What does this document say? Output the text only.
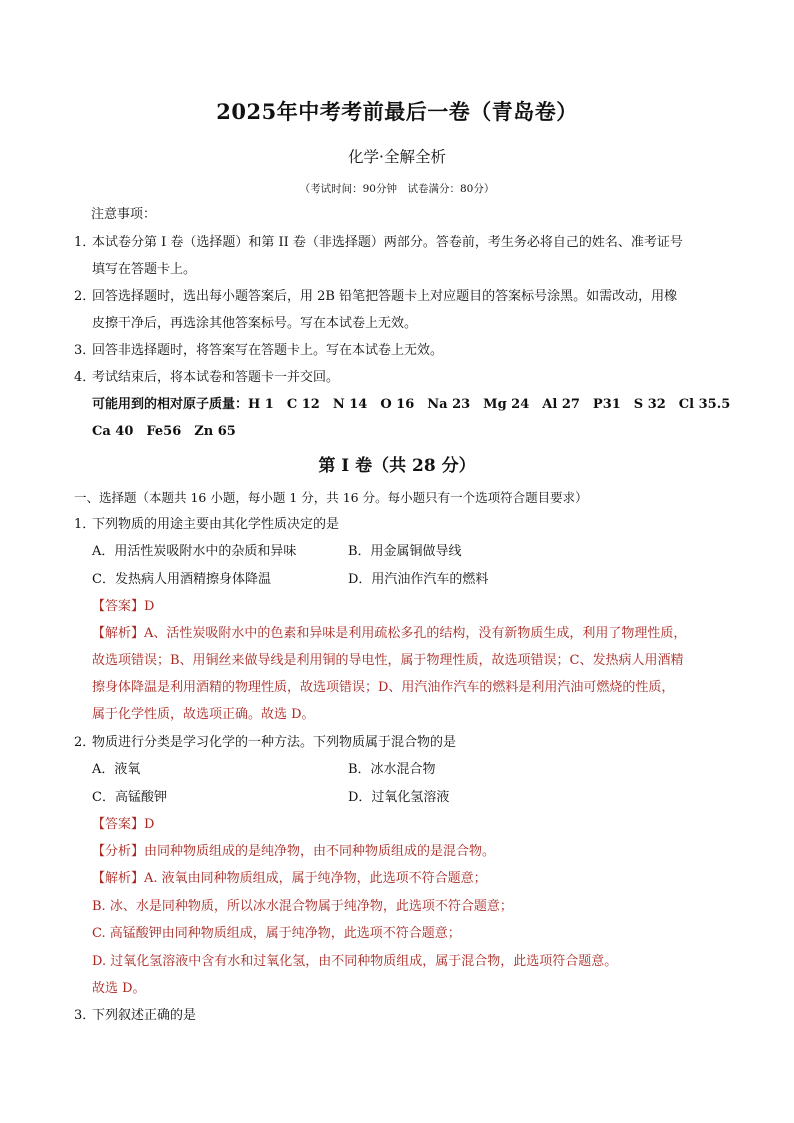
2025年中考考前最后一卷（青岛卷）
化学·全解全析
（考试时间：90分钟　试卷满分：80分）
注意事项：
1．本试卷分第 I 卷（选择题）和第 II 卷（非选择题）两部分。答卷前，考生务必将自己的姓名、准考证号
填写在答题卡上。
2．回答选择题时，选出每小题答案后，用 2B 铅笔把答题卡上对应题目的答案标号涂黑。如需改动，用橡
皮擦干净后，再选涂其他答案标号。写在本试卷上无效。
3．回答非选择题时，将答案写在答题卡上。写在本试卷上无效。
4．考试结束后，将本试卷和答题卡一并交回。
可能用到的相对原子质量：H 1　C 12　N 14　O 16　Na 23　Mg 24　Al 27　P31　S 32　Cl 35.5
Ca 40　Fe56　Zn 65
第 I 卷（共 28 分）
一、选择题（本题共 16 小题，每小题 1 分，共 16 分。每小题只有一个选项符合题目要求）
1．下列物质的用途主要由其化学性质决定的是
A．用活性炭吸附水中的杂质和异味	B．用金属铜做导线
C．发热病人用酒精擦身体降温	D．用汽油作汽车的燃料
【答案】D
【解析】A、活性炭吸附水中的色素和异味是利用疏松多孔的结构，没有新物质生成，利用了物理性质，
故选项错误；B、用铜丝来做导线是利用铜的导电性，属于物理性质，故选项错误；C、发热病人用酒精
擦身体降温是利用酒精的物理性质，故选项错误；D、用汽油作汽车的燃料是利用汽油可燃烧的性质，
属于化学性质，故选项正确。故选 D。
2．物质进行分类是学习化学的一种方法。下列物质属于混合物的是
A．液氧	B．冰水混合物
C．高锰酸钾	D．过氧化氢溶液
【答案】D
【分析】由同种物质组成的是纯净物，由不同种物质组成的是混合物。
【解析】A. 液氧由同种物质组成，属于纯净物，此选项不符合题意；
B. 冰、水是同种物质，所以冰水混合物属于纯净物，此选项不符合题意；
C. 高锰酸钾由同种物质组成，属于纯净物，此选项不符合题意；
D. 过氧化氢溶液中含有水和过氧化氢，由不同种物质组成，属于混合物，此选项符合题意。
故选 D。
3．下列叙述正确的是
